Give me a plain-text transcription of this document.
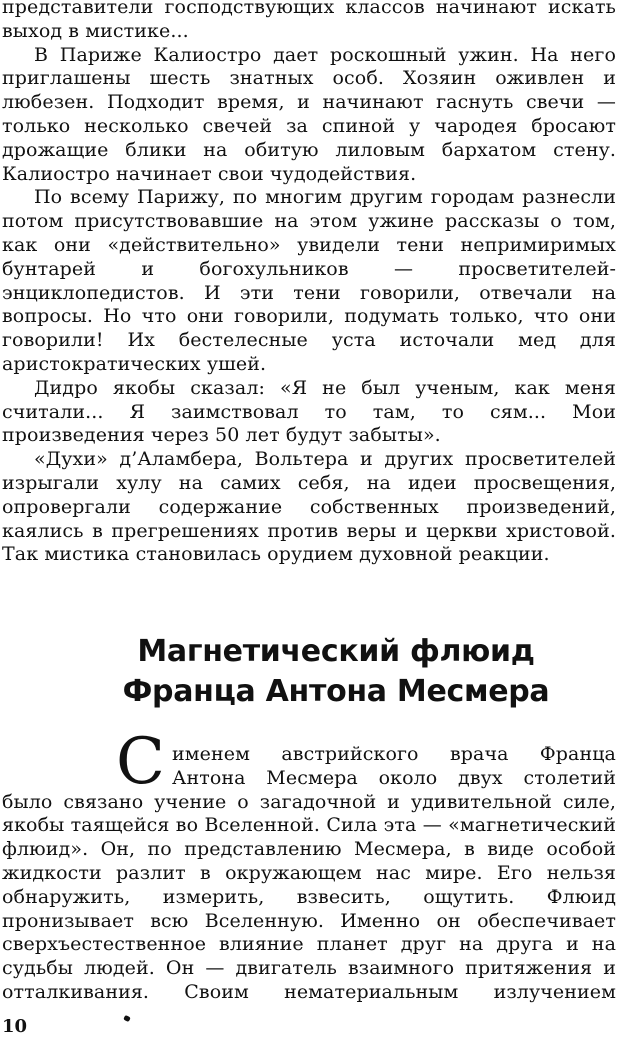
представители господствующих классов начинают искать выход в мистике...

В Париже Калиостро дает роскошный ужин. На него приглашены шесть знатных особ. Хозяин оживлен и любезен. Подходит время, и начинают гаснуть свечи — только несколько свечей за спиной у чародея бросают дрожащие блики на обитую лиловым бархатом стену. Калиостро начинает свои чудодействия.

По всему Парижу, по многим другим городам разнесли потом присутствовавшие на этом ужине рассказы о том, как они «действительно» увидели тени непримиримых бунтарей и богохульников — просветителей-энциклопедистов. И эти тени говорили, отвечали на вопросы. Но что они говорили, подумать только, что они говорили! Их бестелесные уста источали мед для аристократических ушей.

Дидро якобы сказал: «Я не был ученым, как меня считали... Я заимствовал то там, то сям... Мои произведения через 50 лет будут забыты».

«Духи» д’Аламбера, Вольтера и других просветителей изрыгали хулу на самих себя, на идеи просвещения, опровергали содержание собственных произведений, каялись в прегрешениях против веры и церкви христовой. Так мистика становилась орудием духовной реакции.

Магнетический флюид
Франца Антона Месмера
С именем австрийского врача Франца

Антона Месмера около двух столетий

было связано учение о загадочной и удивительной силе, якобы таящейся во Вселенной. Сила эта — «магнетический флюид». Он, по представлению Месмера, в виде особой жидкости разлит в окружающем нас мире. Его нельзя обнаружить, измерить, взвесить, ощутить. Флюид пронизывает всю Вселенную. Именно он обеспечивает сверхъестественное влияние планет друг на друга и на судьбы людей. Он — двигатель взаимного притяжения и отталкивания. Своим нематериальным излучением

10
